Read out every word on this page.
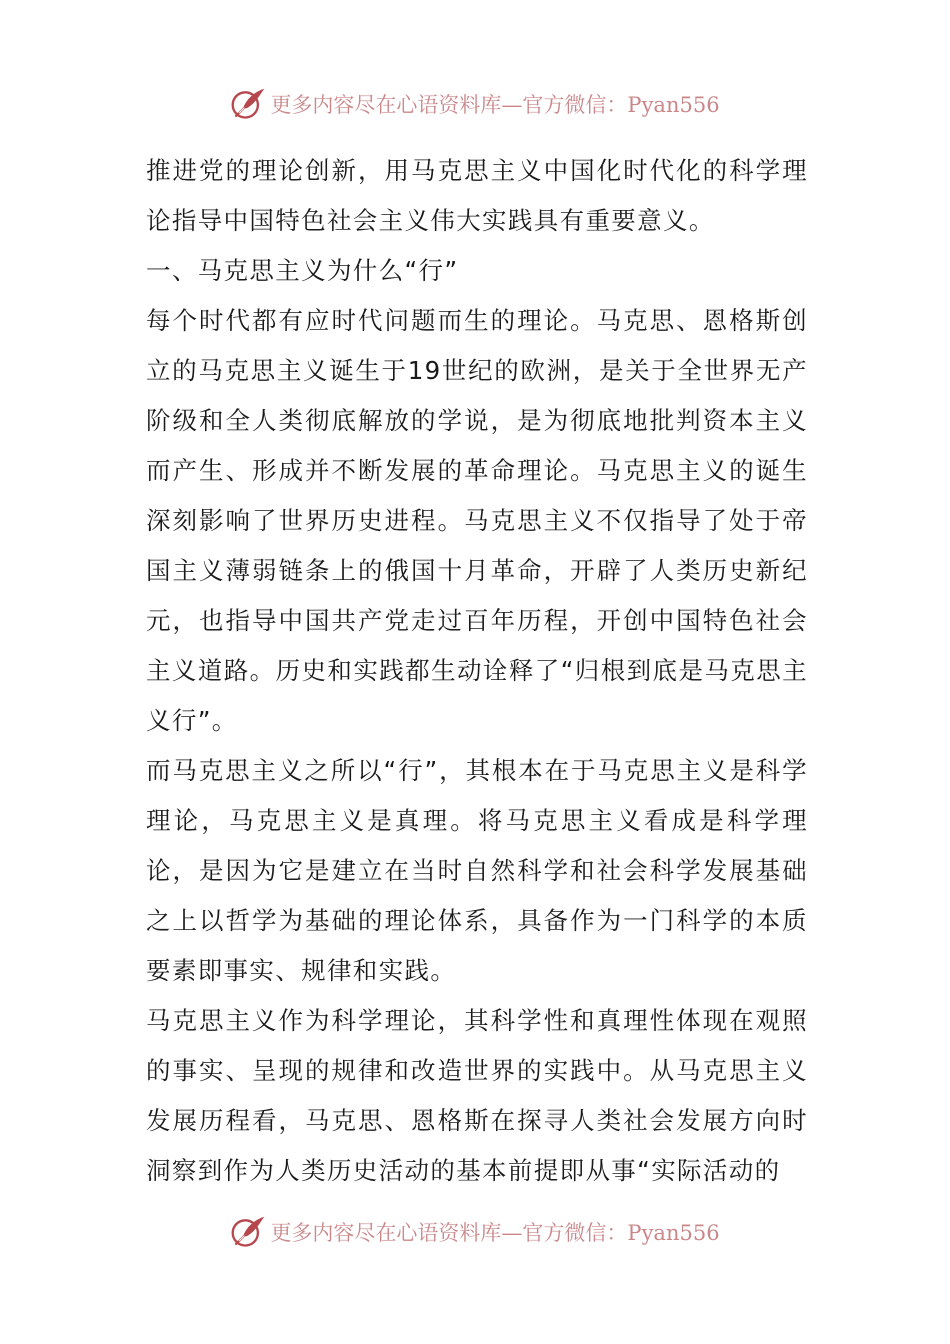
更多内容尽在心语资料库—官方微信：Pyan556

推进党的理论创新，用马克思主义中国化时代化的科学理论指导中国特色社会主义伟大实践具有重要意义。

一、马克思主义为什么“行”

每个时代都有应时代问题而生的理论。马克思、恩格斯创立的马克思主义诞生于19世纪的欧洲，是关于全世界无产阶级和全人类彻底解放的学说，是为彻底地批判资本主义而产生、形成并不断发展的革命理论。马克思主义的诞生深刻影响了世界历史进程。马克思主义不仅指导了处于帝国主义薄弱链条上的俄国十月革命，开辟了人类历史新纪元，也指导中国共产党走过百年历程，开创中国特色社会主义道路。历史和实践都生动诠释了“归根到底是马克思主义行”。

而马克思主义之所以“行”，其根本在于马克思主义是科学理论，马克思主义是真理。将马克思主义看成是科学理论，是因为它是建立在当时自然科学和社会科学发展基础之上以哲学为基础的理论体系，具备作为一门科学的本质要素即事实、规律和实践。

马克思主义作为科学理论，其科学性和真理性体现在观照的事实、呈现的规律和改造世界的实践中。从马克思主义发展历程看，马克思、恩格斯在探寻人类社会发展方向时洞察到作为人类历史活动的基本前提即从事“实际活动的

更多内容尽在心语资料库—官方微信：Pyan556
